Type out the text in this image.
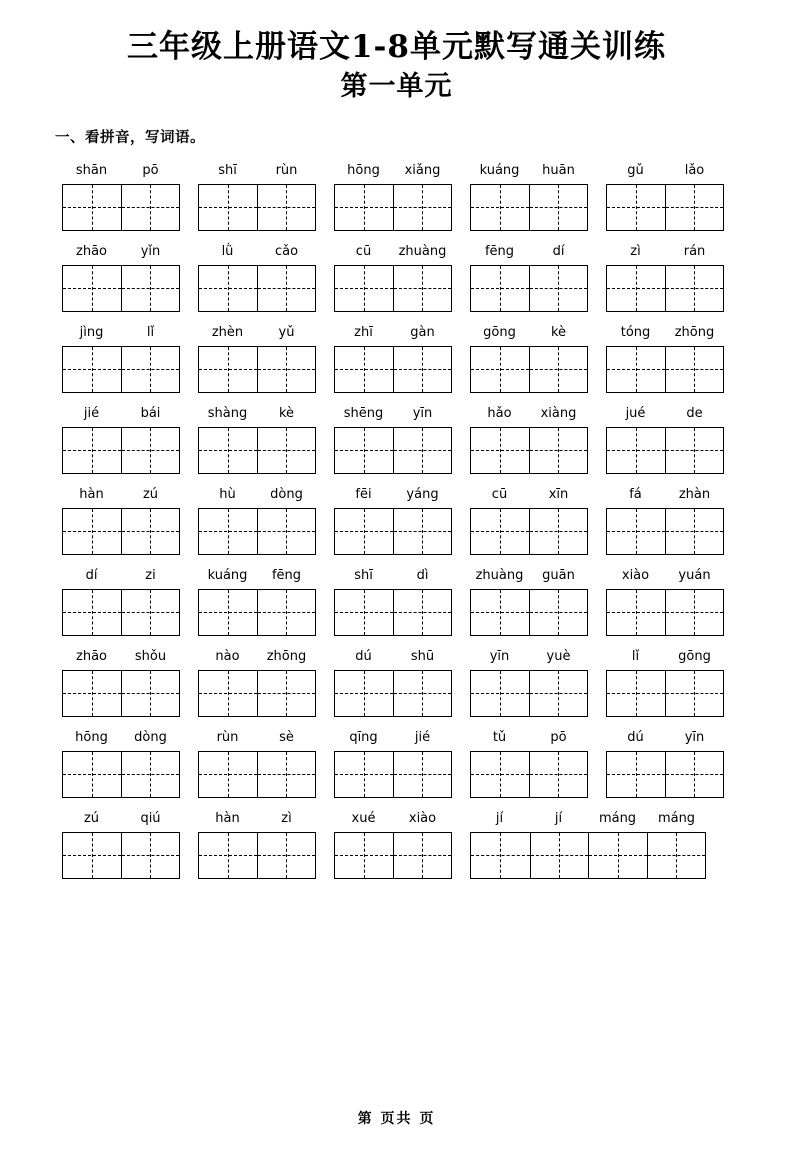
三年级上册语文1-8单元默写通关训练
第一单元
一、看拼音，写词语。
shān	pō	shī	rùn	hōng	xiǎng	kuáng	huān	gǔ	lǎo
zhāo	yǐn	lǜ	cǎo	cū	zhuàng	fēng	dí	zì	rán
jìng	lǐ	zhèn	yǔ	zhī	gàn	gōng	kè	tóng	zhōng
jié	bái	shàng	kè	shēng	yīn	hǎo	xiàng	jué	de
hàn	zú	hù	dòng	fēi	yáng	cū	xīn	fá	zhàn
dí	zi	kuáng	fēng	shī	dì	zhuàng	guān	xiào	yuán
zhāo	shǒu	nào	zhōng	dú	shū	yīn	yuè	lǐ	gōng
hōng	dòng	rùn	sè	qīng	jié	tǔ	pō	dú	yīn
zú	qiú	hàn	zì	xué	xiào	jí	jí	máng	máng
第 页共 页
